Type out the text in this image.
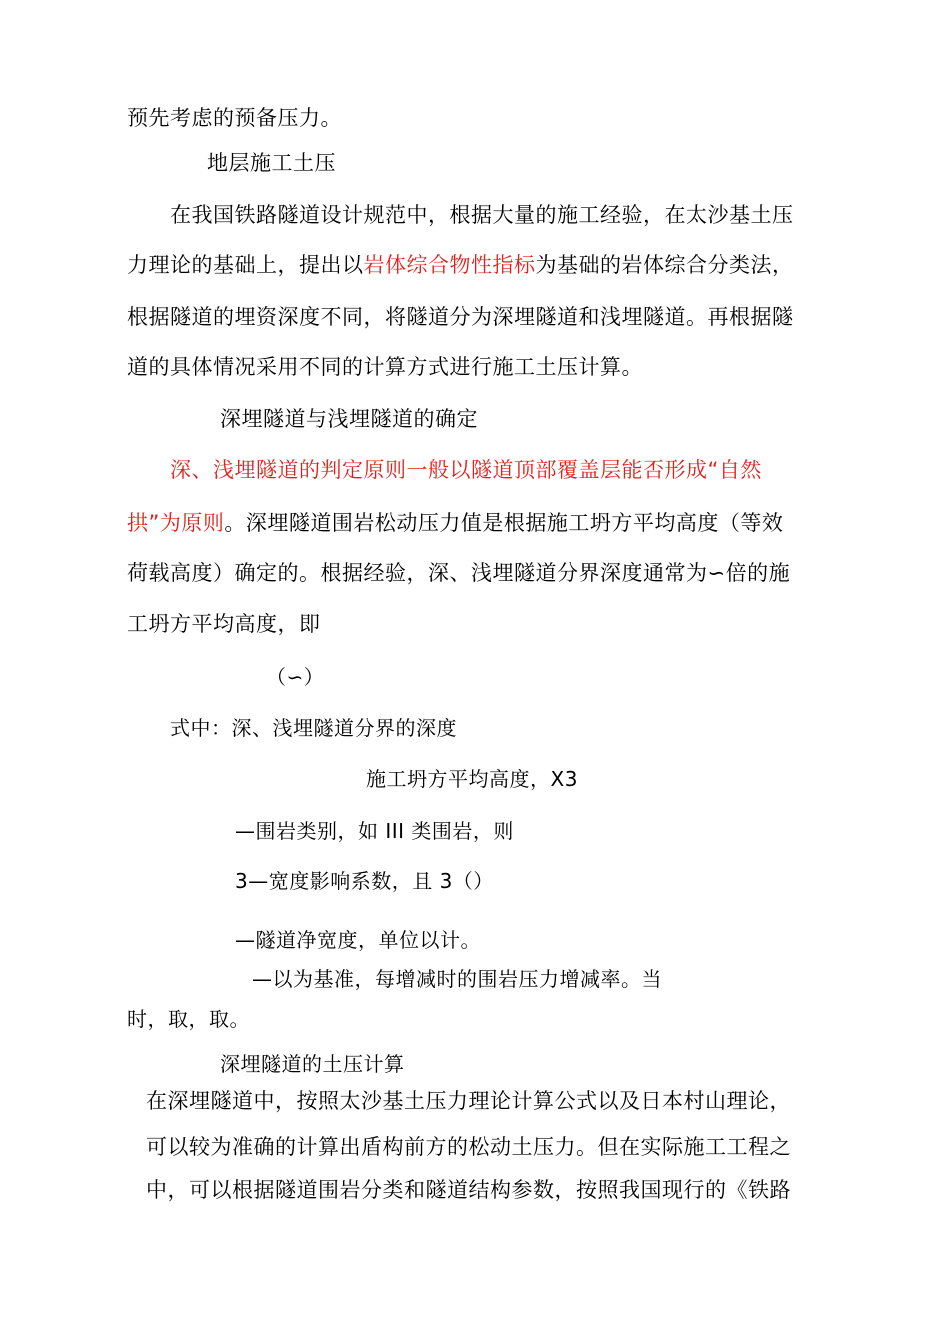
预先考虑的预备压力。
地层施工土压
在我国铁路隧道设计规范中，根据大量的施工经验，在太沙基土压
力理论的基础上，提出以岩体综合物性指标为基础的岩体综合分类法，
根据隧道的埋资深度不同，将隧道分为深埋隧道和浅埋隧道。再根据隧
道的具体情况采用不同的计算方式进行施工土压计算。
深埋隧道与浅埋隧道的确定
深、浅埋隧道的判定原则一般以隧道顶部覆盖层能否形成“自然
拱”为原则。深埋隧道围岩松动压力值是根据施工坍方平均高度（等效
荷载高度）确定的。根据经验，深、浅埋隧道分界深度通常为∽倍的施
工坍方平均高度，即
（∽）
式中：深、浅埋隧道分界的深度
施工坍方平均高度，X3
—围岩类别，如 III 类围岩，则
3—宽度影响系数，且 3（）
—隧道净宽度，单位以计。
—以为基准，每增减时的围岩压力增减率。当
时，取，取。
深埋隧道的土压计算
在深埋隧道中，按照太沙基土压力理论计算公式以及日本村山理论，
可以较为准确的计算出盾构前方的松动土压力。但在实际施工工程之
中，可以根据隧道围岩分类和隧道结构参数，按照我国现行的《铁路
